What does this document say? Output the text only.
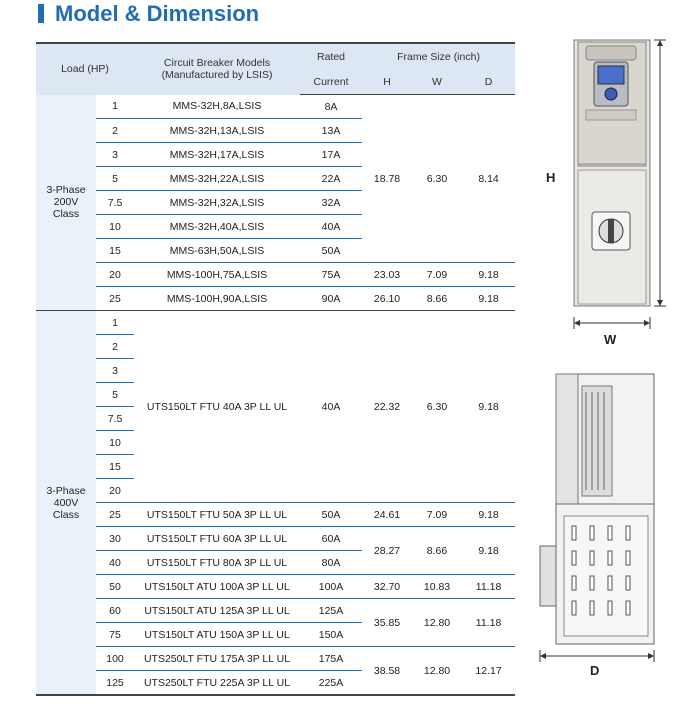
Model & Dimension
Load (HP)		Circuit Breaker Models
(Manufactured by LSIS)	Rated	Frame Size (inch)		
			Current	H	W	D

3-Phase
200V
Class	1	MMS-32H,8A,LSIS	8A	18.78	6.30	8.14
	2	MMS-32H,13A,LSIS	13A			
	3	MMS-32H,17A,LSIS	17A			
	5	MMS-32H,22A,LSIS	22A			
	7.5	MMS-32H,32A,LSIS	32A			
	10	MMS-32H,40A,LSIS	40A			
	15	MMS-63H,50A,LSIS	50A			
	20	MMS-100H,75A,LSIS	75A	23.03	7.09	9.18
	25	MMS-100H,90A,LSIS	90A	26.10	8.66	9.18

3-Phase
400V
Class	1	UTS150LT FTU 40A 3P LL UL	40A	22.32	6.30	9.18
	2					
	3					
	5					
	7.5					
	10					
	15					
	20					
	25	UTS150LT FTU 50A 3P LL UL	50A	24.61	7.09	9.18
	30	UTS150LT FTU 60A 3P LL UL	60A	28.27	8.66	9.18
	40	UTS150LT FTU 80A 3P LL UL	80A			
	50	UTS150LT ATU 100A 3P LL UL	100A	32.70	10.83	11.18
	60	UTS150LT ATU 125A 3P LL UL	125A	35.85	12.80	11.18
	75	UTS150LT ATU 150A 3P LL UL	150A			
	100	UTS250LT FTU 175A 3P LL UL	175A	38.58	12.80	12.17
	125	UTS250LT FTU 225A 3P LL UL	225A			
H
W
D
